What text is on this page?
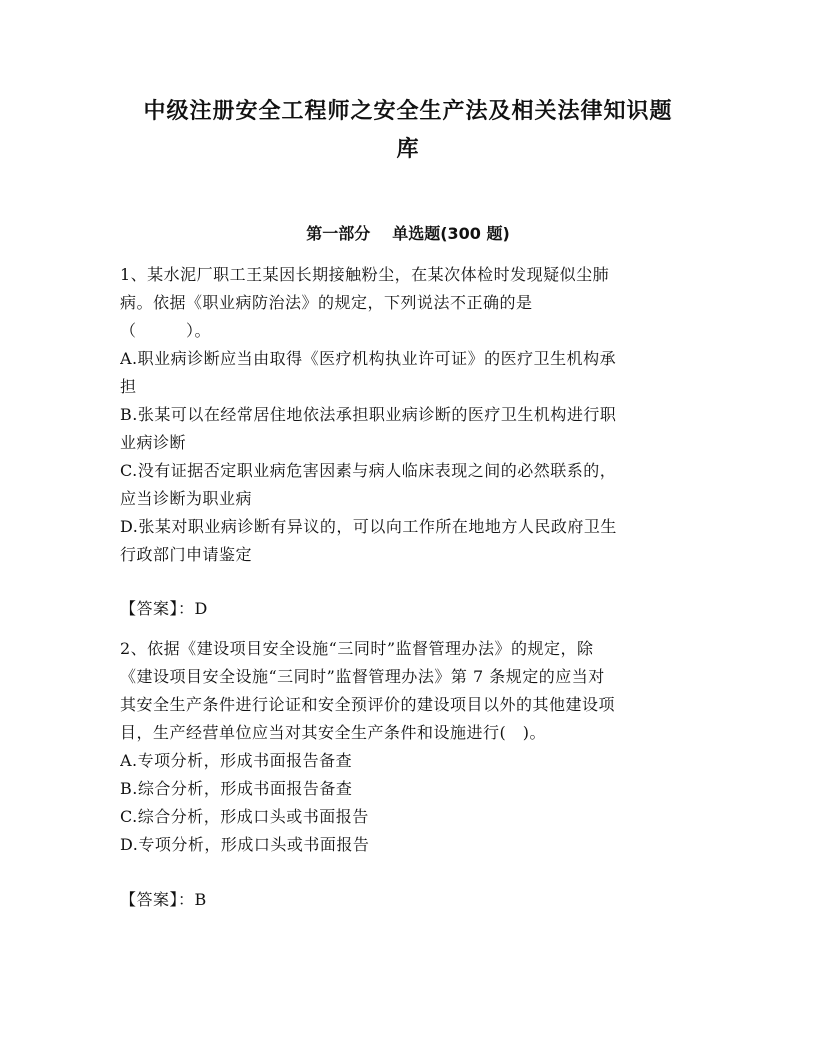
中级注册安全工程师之安全生产法及相关法律知识题
库
第一部分 单选题(300 题)
1、某水泥厂职工王某因长期接触粉尘，在某次体检时发现疑似尘肺
病。依据《职业病防治法》的规定，下列说法不正确的是
（　　　）。
A.职业病诊断应当由取得《医疗机构执业许可证》的医疗卫生机构承
担
B.张某可以在经常居住地依法承担职业病诊断的医疗卫生机构进行职
业病诊断
C.没有证据否定职业病危害因素与病人临床表现之间的必然联系的，
应当诊断为职业病
D.张某对职业病诊断有异议的，可以向工作所在地地方人民政府卫生
行政部门申请鉴定
【答案】：D
2、依据《建设项目安全设施“三同时”监督管理办法》的规定，除
《建设项目安全设施“三同时”监督管理办法》第 7 条规定的应当对
其安全生产条件进行论证和安全预评价的建设项目以外的其他建设项
目，生产经营单位应当对其安全生产条件和设施进行(　)。
A.专项分析，形成书面报告备查
B.综合分析，形成书面报告备查
C.综合分析，形成口头或书面报告
D.专项分析，形成口头或书面报告
【答案】：B
